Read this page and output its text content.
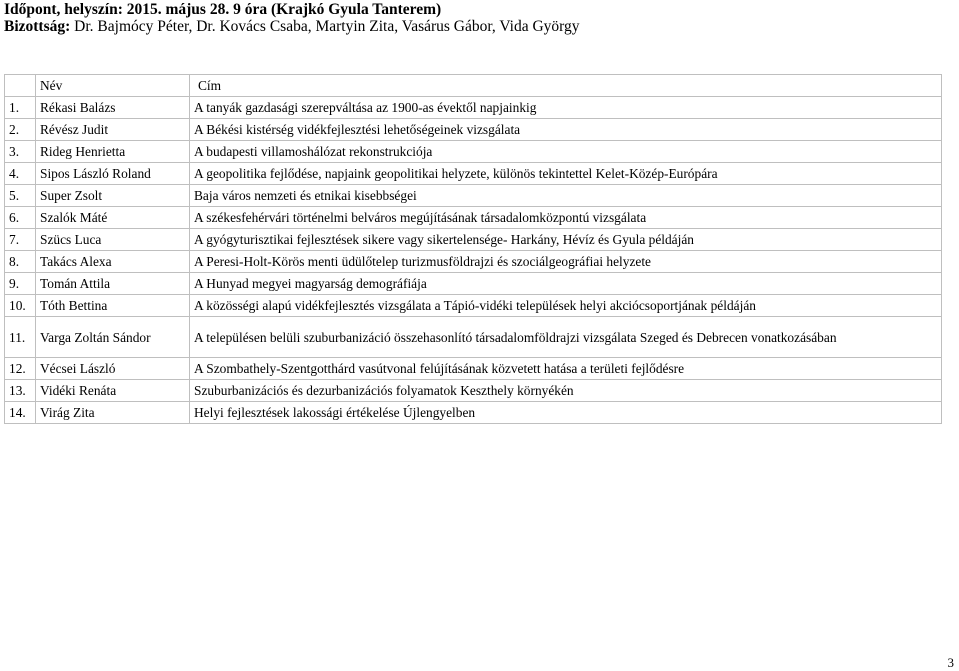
Időpont, helyszín: 2015. május 28. 9 óra (Krajkó Gyula Tanterem)
Bizottság: Dr. Bajmócy Péter, Dr. Kovács Csaba, Martyin Zita, Vasárus Gábor, Vida György
	Név	Cím
1.	Rékasi Balázs	A tanyák gazdasági szerepváltása az 1900-as évektől napjainkig
2.	Révész Judit	A Békési kistérség vidékfejlesztési lehetőségeinek vizsgálata
3.	Rideg Henrietta	A budapesti villamoshálózat rekonstrukciója
4.	Sipos László Roland	A geopolitika fejlődése, napjaink geopolitikai helyzete, különös tekintettel Kelet-Közép-Európára
5.	Super Zsolt	Baja város nemzeti és etnikai kisebbségei
6.	Szalók Máté	A székesfehérvári történelmi belváros megújításának társadalomközpontú vizsgálata
7.	Szücs Luca	A gyógyturisztikai fejlesztések sikere vagy sikertelensége- Harkány, Hévíz és Gyula példáján
8.	Takács Alexa	A Peresi-Holt-Körös menti üdülőtelep turizmusföldrajzi és szociálgeográfiai helyzete
9.	Tomán Attila	A Hunyad megyei magyarság demográfiája
10.	Tóth Bettina	A közösségi alapú vidékfejlesztés vizsgálata a Tápió-vidéki települések helyi akciócsoportjának példáján
11.	Varga Zoltán Sándor	A településen belüli szuburbanizáció összehasonlító társadalomföldrajzi vizsgálata Szeged és Debrecen vonatkozásában
12.	Vécsei László	A Szombathely-Szentgotthárd vasútvonal felújításának közvetett hatása a területi fejlődésre
13.	Vidéki Renáta	Szuburbanizációs és dezurbanizációs folyamatok Keszthely környékén
14.	Virág Zita	Helyi fejlesztések lakossági értékelése Újlengyelben
3
